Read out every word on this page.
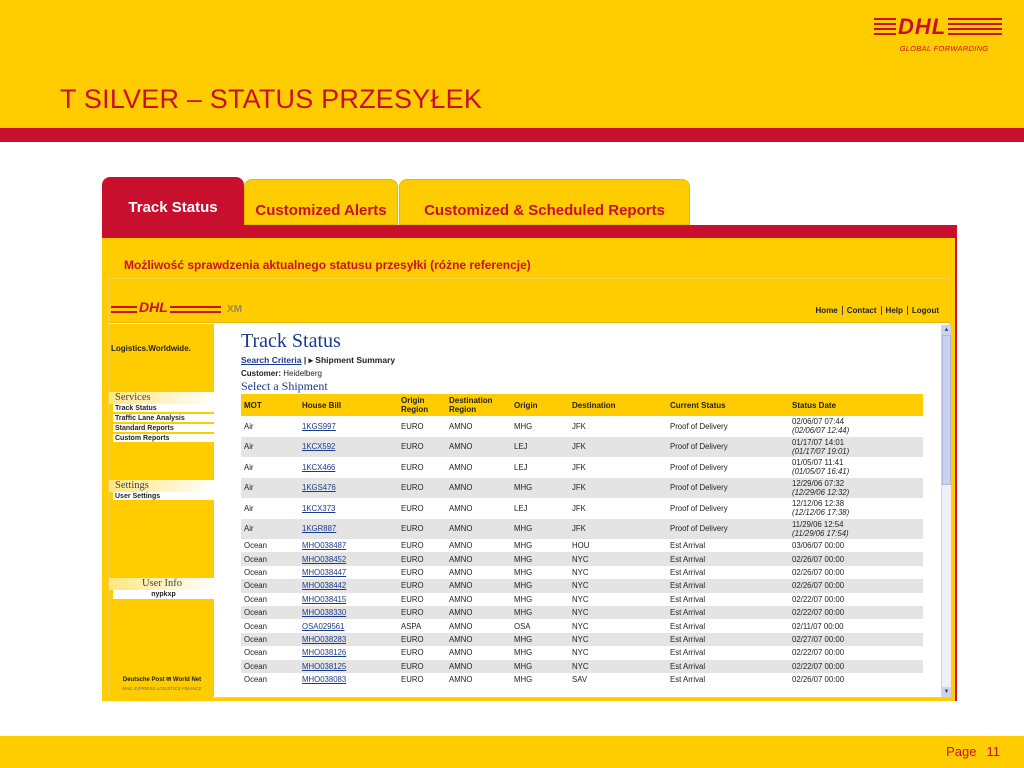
DHL
GLOBAL FORWARDING
T SILVER – STATUS PRZESYŁEK
Track Status	Customized Alerts	Customized & Scheduled Reports
Możliwość sprawdzenia aktualnego statusu przesyłki (różne referencje)
DHL	XM	Home Contact Help Logout
Logistics.Worldwide.
Services
Track Status
Traffic Lane Analysis
Standard Reports
Custom Reports
Settings
User Settings
User Info
nypkxp
Deutsche Post ✉ World Net
MAIL EXPRESS LOGISTICS FINANCE
Track Status
Search Criteria | ▸ Shipment Summary
Customer: Heidelberg
Select a Shipment
MOT	House Bill	Origin Region	Destination Region	Origin	Destination	Current Status	Status Date
Air	1KGS997	EURO	AMNO	MHG	JFK	Proof of Delivery	02/06/07 07:44
(02/06/07 12:44)

Air	1KCX592	EURO	AMNO	LEJ	JFK	Proof of Delivery	01/17/07 14:01
(01/17/07 19:01)

Air	1KCX466	EURO	AMNO	LEJ	JFK	Proof of Delivery	01/05/07 11:41
(01/05/07 16:41)

Air	1KGS476	EURO	AMNO	MHG	JFK	Proof of Delivery	12/29/06 07:32
(12/29/06 12:32)

Air	1KCX373	EURO	AMNO	LEJ	JFK	Proof of Delivery	12/12/06 12:38
(12/12/06 17:38)

Air	1KGR887	EURO	AMNO	MHG	JFK	Proof of Delivery	11/29/06 12:54
(11/29/06 17:54)

Ocean	MHO038487	EURO	AMNO	MHG	HOU	Est Arrival	03/06/07 00:00

Ocean	MHO038452	EURO	AMNO	MHG	NYC	Est Arrival	02/26/07 00:00

Ocean	MHO038447	EURO	AMNO	MHG	NYC	Est Arrival	02/26/07 00:00

Ocean	MHO038442	EURO	AMNO	MHG	NYC	Est Arrival	02/26/07 00:00

Ocean	MHO038415	EURO	AMNO	MHG	NYC	Est Arrival	02/22/07 00:00

Ocean	MHO038330	EURO	AMNO	MHG	NYC	Est Arrival	02/22/07 00:00

Ocean	OSA029561	ASPA	AMNO	OSA	NYC	Est Arrival	02/11/07 00:00

Ocean	MHO038283	EURO	AMNO	MHG	NYC	Est Arrival	02/27/07 00:00

Ocean	MHO038126	EURO	AMNO	MHG	NYC	Est Arrival	02/22/07 00:00

Ocean	MHO038125	EURO	AMNO	MHG	NYC	Est Arrival	02/22/07 00:00

Ocean	MHO038083	EURO	AMNO	MHG	SAV	Est Arrival	02/26/07 00:00
▲
▼
Page 11
